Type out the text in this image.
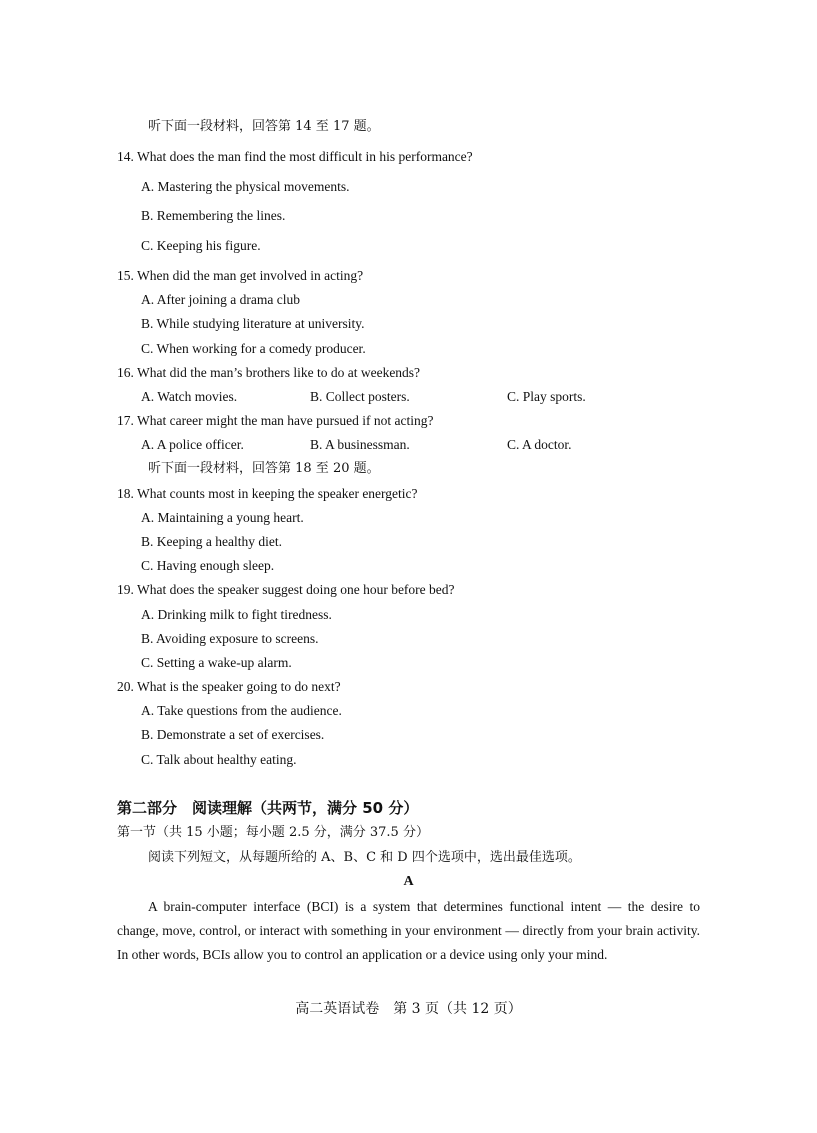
听下面一段材料，回答第 14 至 17 题。
14. What does the man find the most difficult in his performance?
A. Mastering the physical movements.
B. Remembering the lines.
C. Keeping his figure.
15. When did the man get involved in acting?
A. After joining a drama club
B. While studying literature at university.
C. When working for a comedy producer.
16. What did the man’s brothers like to do at weekends?
A. Watch movies.	B. Collect posters.	C. Play sports.
17. What career might the man have pursued if not acting?
A. A police officer.	B. A businessman.	C. A doctor.
听下面一段材料，回答第 18 至 20 题。
18. What counts most in keeping the speaker energetic?
A. Maintaining a young heart.
B. Keeping a healthy diet.
C. Having enough sleep.
19. What does the speaker suggest doing one hour before bed?
A. Drinking milk to fight tiredness.
B. Avoiding exposure to screens.
C. Setting a wake-up alarm.
20. What is the speaker going to do next?
A. Take questions from the audience.
B. Demonstrate a set of exercises.
C. Talk about healthy eating.
第二部分　阅读理解（共两节，满分 50 分）
第一节（共 15 小题；每小题 2.5 分，满分 37.5 分）
阅读下列短文，从每题所给的 A、B、C 和 D 四个选项中，选出最佳选项。
A
A brain-computer interface (BCI) is a system that determines functional intent — the desire to change, move, control, or interact with something in your environment — directly from your brain activity. In other words, BCIs allow you to control an application or a device using only your mind.
高二英语试卷　第 3 页（共 12 页）
